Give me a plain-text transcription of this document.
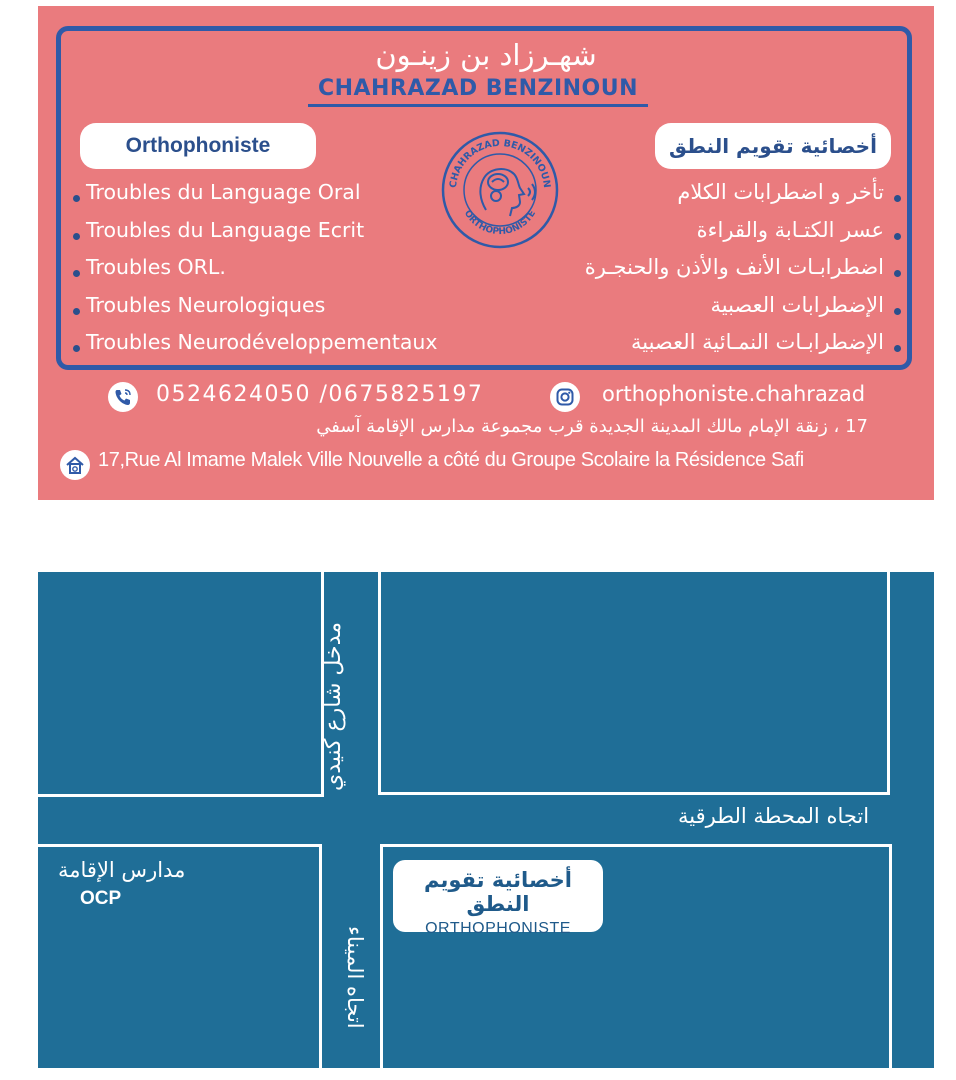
شهـرزاد بن زينـون
CHAHRAZAD BENZINOUN
Orthophoniste	أخصائية تقويم النطق
Troubles du Language Oral
Troubles du Language Ecrit
Troubles ORL.
Troubles Neurologiques
Troubles Neurodéveloppementaux
تأخر و اضطرابات الكلام
عسر الكتـابة والقراءة
اضطرابـات الأنف والأذن والحنجـرة
الإضطرابات العصبية
الإضطرابـات النمـائية العصبية
CHAHRAZAD BENZINOUN
ORTHOPHONISTE
0524624050 /0675825197	orthophoniste.chahrazad
17 ، زنقة الإمام مالك المدينة الجديدة قرب مجموعة مدارس الإقامة آسفي
17,Rue Al Imame Malek Ville Nouvelle a côté du Groupe Scolaire la Résidence Safi
مدخل شارع كنيدي
اتجاه المحطة الطرقية
مدارس الإقامة
OCP
اتجاه الميناء
أخصائية تقويم النطق
ORTHOPHONISTE
